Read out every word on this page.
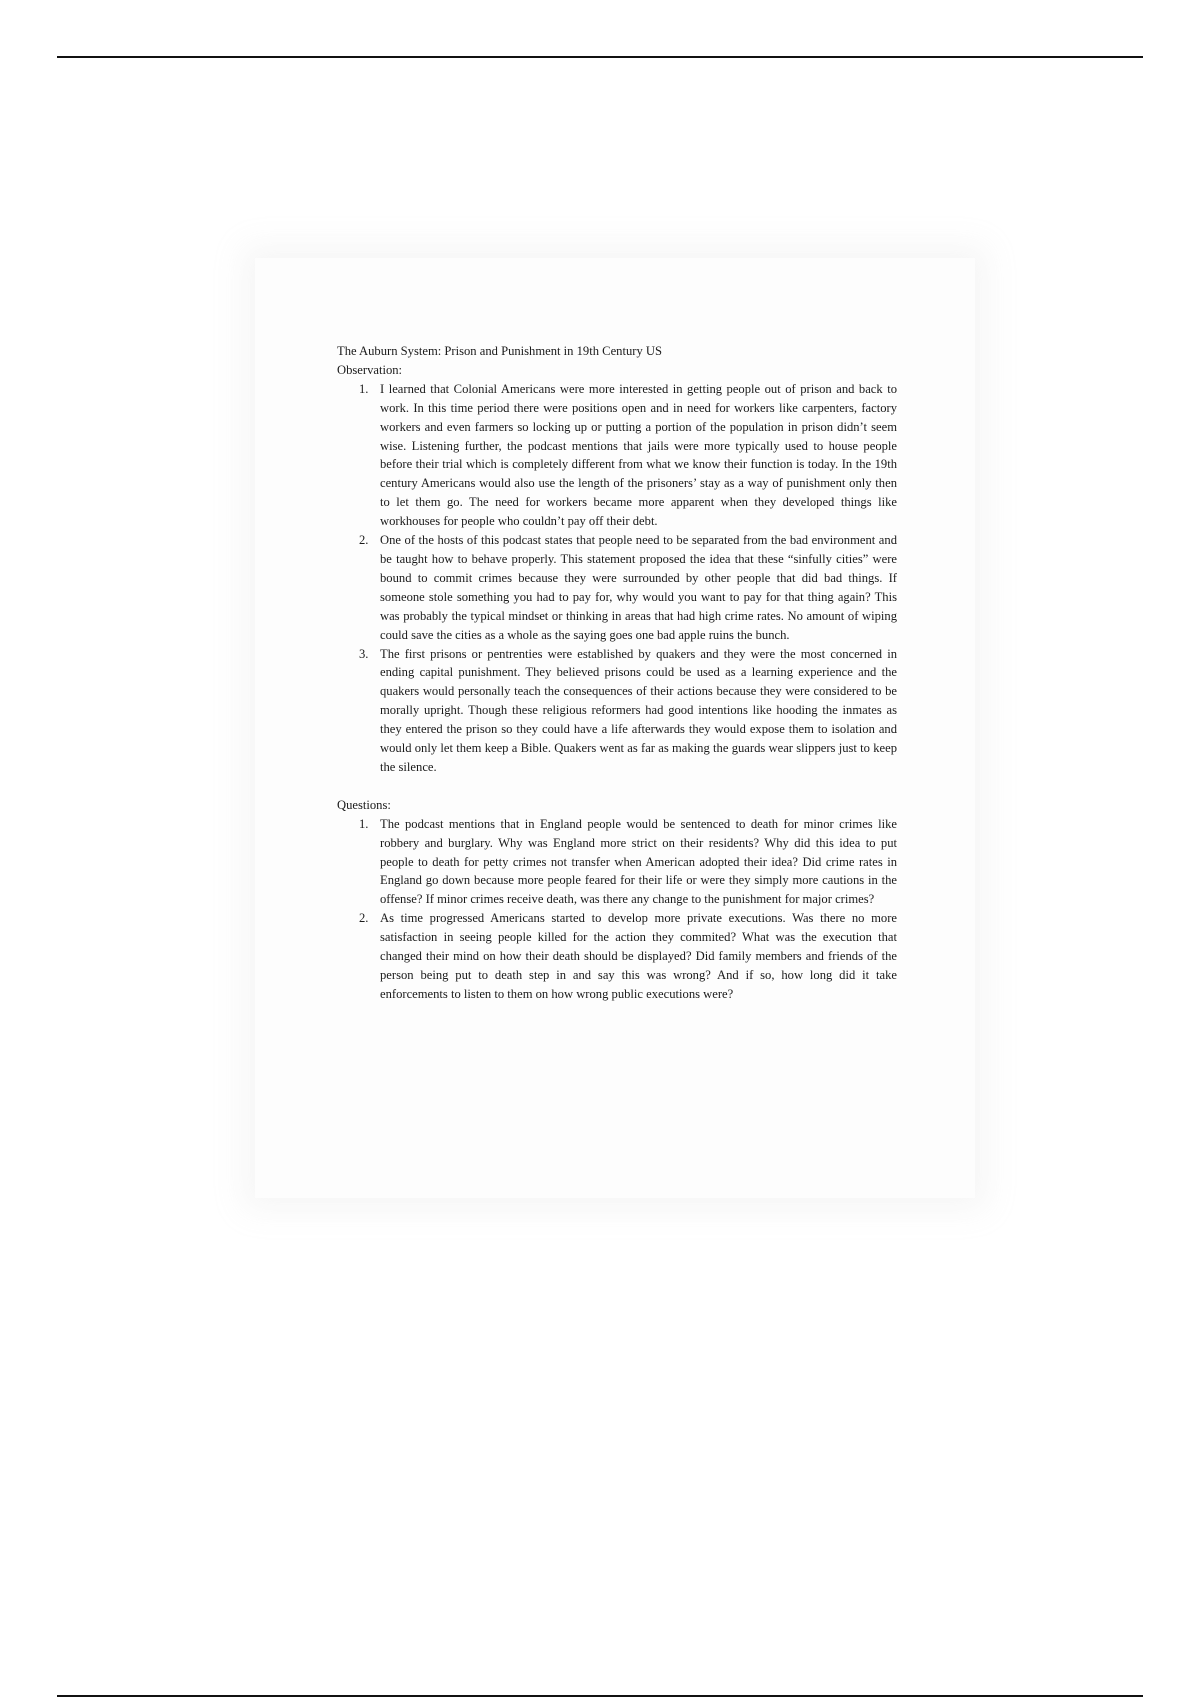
The Auburn System: Prison and Punishment in 19th Century US

Observation:

1. I learned that Colonial Americans were more interested in getting people out of prison and back to work. In this time period there were positions open and in need for workers like carpenters, factory workers and even farmers so locking up or putting a portion of the population in prison didn’t seem wise. Listening further, the podcast mentions that jails were more typically used to house people before their trial which is completely different from what we know their function is today. In the 19th century Americans would also use the length of the prisoners’ stay as a way of punishment only then to let them go. The need for workers became more apparent when they developed things like workhouses for people who couldn’t pay off their debt.
2. One of the hosts of this podcast states that people need to be separated from the bad environment and be taught how to behave properly. This statement proposed the idea that these “sinfully cities” were bound to commit crimes because they were surrounded by other people that did bad things. If someone stole something you had to pay for, why would you want to pay for that thing again? This was probably the typical mindset or thinking in areas that had high crime rates. No amount of wiping could save the cities as a whole as the saying goes one bad apple ruins the bunch.
3. The first prisons or pentrenties were established by quakers and they were the most concerned in ending capital punishment. They believed prisons could be used as a learning experience and the quakers would personally teach the consequences of their actions because they were considered to be morally upright. Though these religious reformers had good intentions like hooding the inmates as they entered the prison so they could have a life afterwards they would expose them to isolation and would only let them keep a Bible. Quakers went as far as making the guards wear slippers just to keep the silence.

Questions:

1. The podcast mentions that in England people would be sentenced to death for minor crimes like robbery and burglary. Why was England more strict on their residents? Why did this idea to put people to death for petty crimes not transfer when American adopted their idea? Did crime rates in England go down because more people feared for their life or were they simply more cautions in the offense? If minor crimes receive death, was there any change to the punishment for major crimes?
2. As time progressed Americans started to develop more private executions. Was there no more satisfaction in seeing people killed for the action they commited? What was the execution that changed their mind on how their death should be displayed? Did family members and friends of the person being put to death step in and say this was wrong? And if so, how long did it take enforcements to listen to them on how wrong public executions were?
